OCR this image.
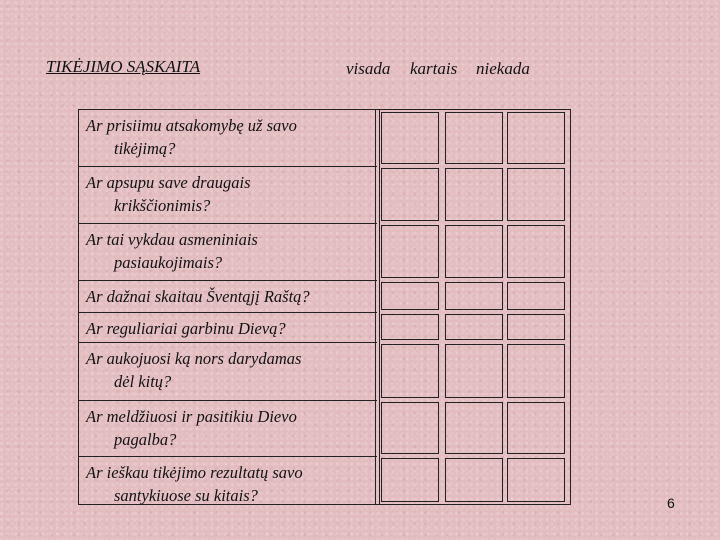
TIKĖJIMO SĄSKAITA	visada kartais niekada
Ar prisiimu atsakomybę už savo
tikėjimą?
Ar apsupu save draugais
krikščionimis?
Ar tai vykdau asmeniniais
pasiaukojimais?
Ar dažnai skaitau Šventąjį Raštą?
Ar reguliariai garbinu Dievą?
Ar aukojuosi ką nors darydamas
dėl kitų?
Ar meldžiuosi ir pasitikiu Dievo
pagalba?
Ar ieškau tikėjimo rezultatų savo
santykiuose su kitais?	6
